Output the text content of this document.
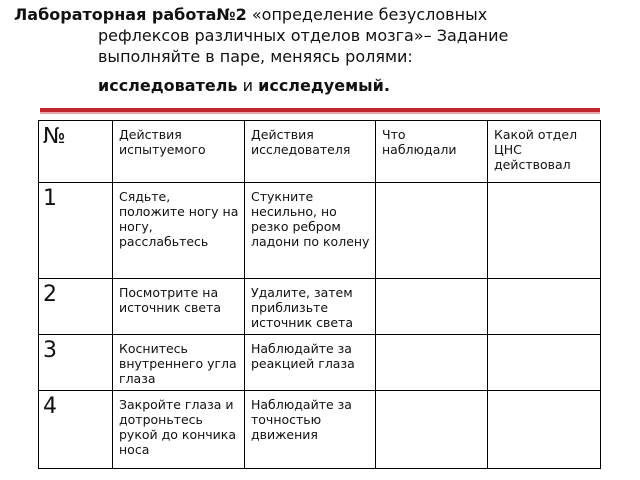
Лабораторная работа№2 «определение безусловных
рефлексов различных отделов мозга»– Задание
выполняйте в паре, меняясь ролями:
исследователь и исследуемый.
№	Действия испытуемого	Действия исследователя	Что наблюдали	Какой отдел ЦНС действовал

1	Сядьте, положите ногу на ногу, расслабьтесь	Стукните несильно, но резко ребром ладони по колену		

2	Посмотрите на источник света	Удалите, затем приблизьте источник света		

3	Коснитесь внутреннего угла глаза	Наблюдайте за реакцией глаза		

4	Закройте глаза и дотроньтесь рукой до кончика носа	Наблюдайте за точностью движения		
